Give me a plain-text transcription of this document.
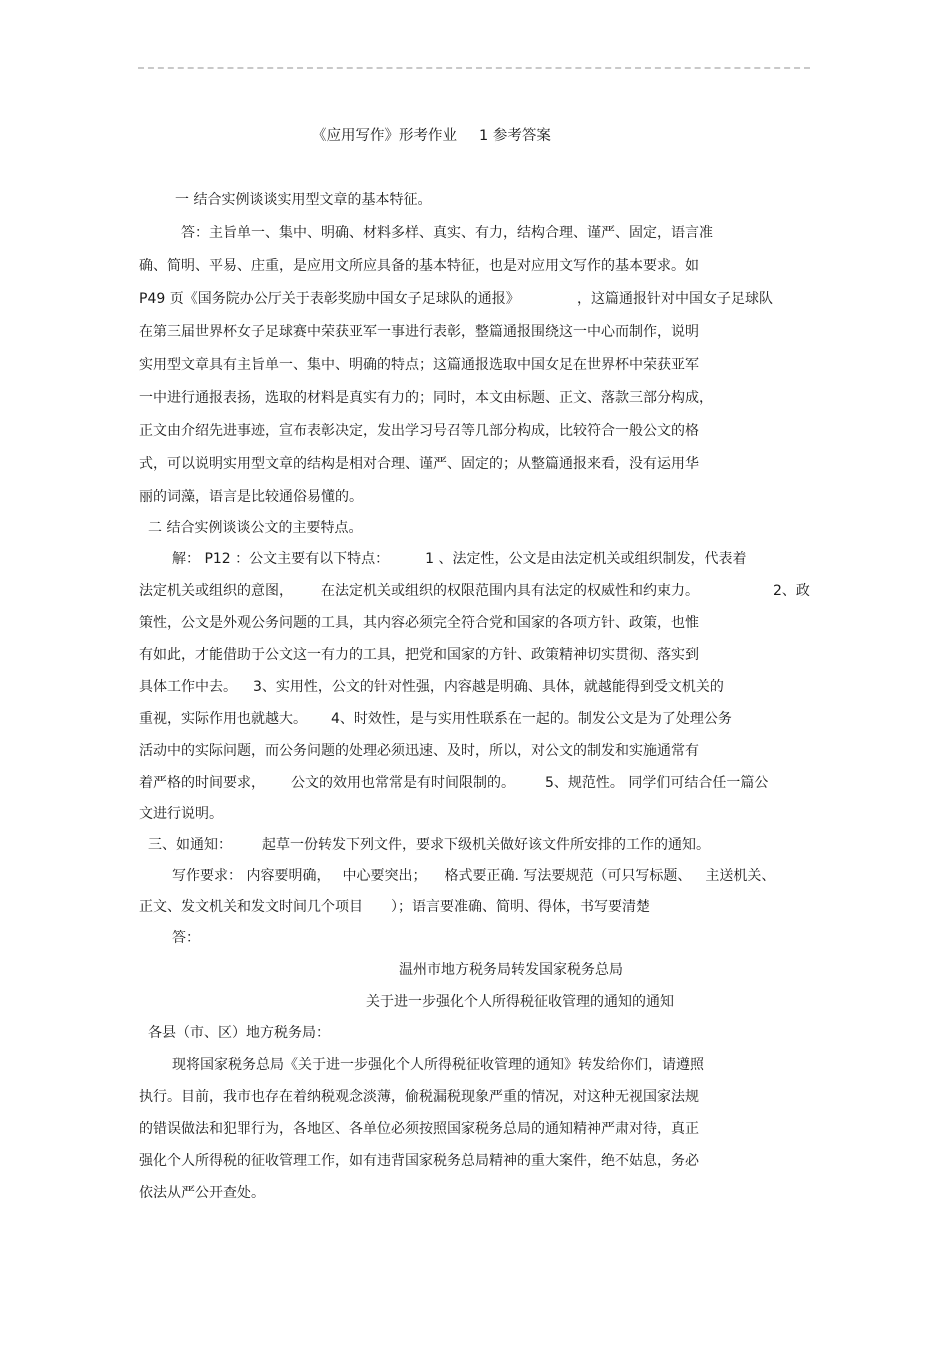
《应用写作》形考作业 1 参考答案
一 结合实例谈谈实用型文章的基本特征。
答：主旨单一、集中、明确、材料多样、真实、有力，结构合理、谨严、固定，语言准
确、简明、平易、庄重，是应用文所应具备的基本特征，也是对应用文写作的基本要求。如
P49 页《国务院办公厅关于表彰奖励中国女子足球队的通报》	，这篇通报针对中国女子足球队
在第三届世界杯女子足球赛中荣获亚军一事进行表彰，整篇通报围绕这一中心而制作，说明
实用型文章具有主旨单一、集中、明确的特点；这篇通报选取中国女足在世界杯中荣获亚军
一中进行通报表扬，选取的材料是真实有力的；同时，本文由标题、正文、落款三部分构成，
正文由介绍先进事迹，宣布表彰决定，发出学习号召等几部分构成，比较符合一般公文的格
式，可以说明实用型文章的结构是相对合理、谨严、固定的；从整篇通报来看，没有运用华
丽的词藻，语言是比较通俗易懂的。
二 结合实例谈谈公文的主要特点。
解： P12 ：公文主要有以下特点：	1 、法定性，公文是由法定机关或组织制发，代表着
法定机关或组织的意图， 在法定机关或组织的权限范围内具有法定的权威性和约束力。	2、政
策性，公文是外观公务问题的工具，其内容必须完全符合党和国家的各项方针、政策，也惟
有如此，才能借助于公文这一有力的工具，把党和国家的方针、政策精神切实贯彻、落实到
具体工作中去。 3、实用性，公文的针对性强，内容越是明确、具体，就越能得到受文机关的
重视，实际作用也就越大。 4、时效性，是与实用性联系在一起的。制发公文是为了处理公务
活动中的实际问题，而公务问题的处理必须迅速、及时，所以，对公文的制发和实施通常有
着严格的时间要求， 公文的效用也常常是有时间限制的。 5、规范性。 同学们可结合任一篇公
文进行说明。
三、如通知： 起草一份转发下列文件，要求下级机关做好该文件所安排的工作的通知。
写作要求： 内容要明确， 中心要突出； 格式要正确. 写法要规范（可只写标题、 主送机关、
正文、发文机关和发文时间几个项目 ）；语言要准确、简明、得体，书写要清楚
答：
温州市地方税务局转发国家税务总局
关于进一步强化个人所得税征收管理的通知的通知
各县（市、区）地方税务局：
现将国家税务总局《关于进一步强化个人所得税征收管理的通知》转发给你们，请遵照
执行。目前，我市也存在着纳税观念淡薄，偷税漏税现象严重的情况，对这种无视国家法规
的错误做法和犯罪行为，各地区、各单位必须按照国家税务总局的通知精神严肃对待，真正
强化个人所得税的征收管理工作，如有违背国家税务总局精神的重大案件，绝不姑息，务必
依法从严公开查处。
